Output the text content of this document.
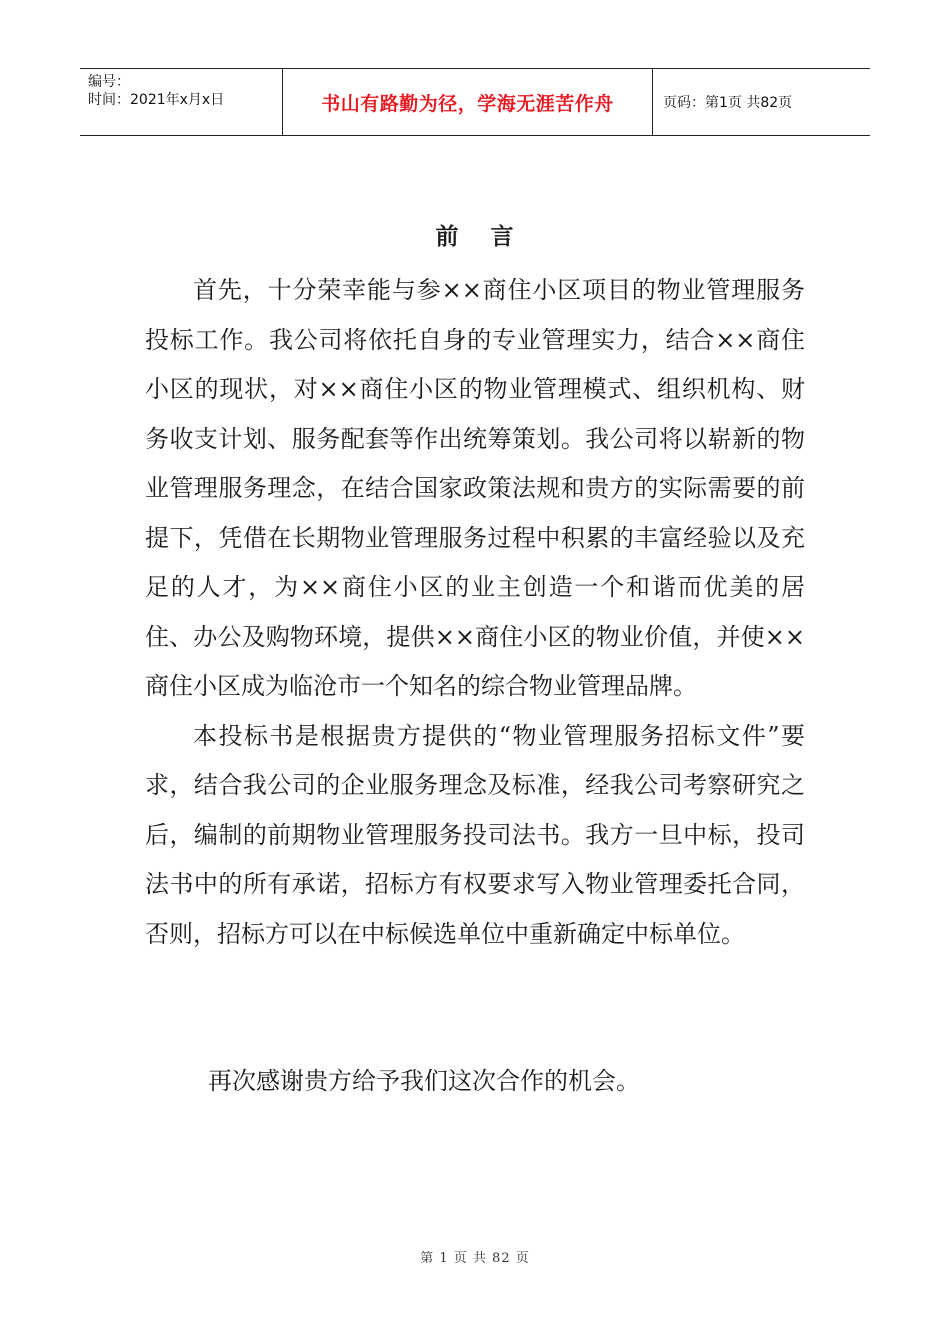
编号：
时间：2021年x月x日	书山有路勤为径，学海无涯苦作舟	页码：第1页 共82页
前 言

首先，十分荣幸能与参××商住小区项目的物业管理服务投标工作。我公司将依托自身的专业管理实力，结合××商住小区的现状，对××商住小区的物业管理模式、组织机构、财务收支计划、服务配套等作出统筹策划。我公司将以崭新的物业管理服务理念，在结合国家政策法规和贵方的实际需要的前提下，凭借在长期物业管理服务过程中积累的丰富经验以及充足的人才，为××商住小区的业主创造一个和谐而优美的居住、办公及购物环境，提供××商住小区的物业价值，并使××商住小区成为临沧市一个知名的综合物业管理品牌。

本投标书是根据贵方提供的“物业管理服务招标文件”要求，结合我公司的企业服务理念及标准，经我公司考察研究之后，编制的前期物业管理服务投司法书。我方一旦中标，投司法书中的所有承诺，招标方有权要求写入物业管理委托合同，否则，招标方可以在中标候选单位中重新确定中标单位。

再次感谢贵方给予我们这次合作的机会。
第 1 页 共 82 页
